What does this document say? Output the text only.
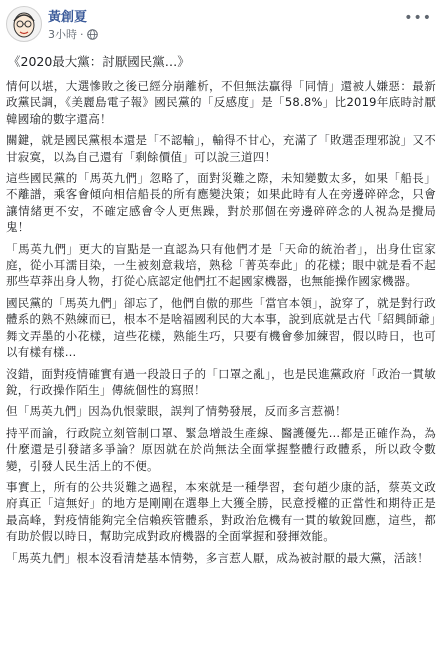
黃創夏
3小時 ·
•••
《2020最大黨：討厭國民黨…》

情何以堪，大選慘敗之後已經分崩離析，不但無法贏得「同情」還被人嫌惡：最新政黨民調，《美麗島電子報》國民黨的「反感度」是「58.8%」比2019年底時討厭韓國瑜的數字還高！

關鍵，就是國民黨根本還是「不認輸」，輸得不甘心，充滿了「敗選歪理邪說」又不甘寂寞，以為自己還有「剩餘價值」可以說三道四！

這些國民黨的「馬英九們」忽略了，面對災難之際，未知變數太多，如果「船長」不離譜，乘客會傾向相信船長的所有應變決策；如果此時有人在旁邊碎碎念，只會讓情緒更不安，不確定感會令人更焦躁，對於那個在旁邊碎碎念的人視為是攪局鬼！

「馬英九們」更大的盲點是一直認為只有他們才是「天命的統治者」，出身仕宦家庭，從小耳濡目染，一生被刻意栽培，熟稔「菁英奉此」的花樣；眼中就是看不起那些草莽出身人物，打從心底認定他們扛不起國家機器，也無能操作國家機器。

國民黨的「馬英九們」卻忘了，他們自傲的那些「當官本領」，說穿了，就是對行政體系的熟不熟練而已，根本不是啥福國利民的大本事，說到底就是古代「紹興師爺」舞文弄墨的小花樣，這些花樣，熟能生巧，只要有機會參加練習，假以時日，也可以有樣有樣…

沒錯，面對疫情確實有過一段設日子的「口罩之亂」，也是民進黨政府「政治一貫敏銳，行政操作陌生」傳統個性的寫照！

但「馬英九們」因為仇恨蒙眼，誤判了情勢發展，反而多言惹禍！

持平而論，行政院立刻管制口罩、緊急增設生產線、醫護優先…都是正確作為，為什麼還是引發諸多爭論？原因就在於尚無法全面掌握整體行政體系，所以政令數變，引發人民生活上的不便。

事實上，所有的公共災難之過程，本來就是一種學習，套句趙少康的話，蔡英文政府真正「這無好」的地方是剛剛在選舉上大獲全勝，民意授權的正當性和期待正是最高峰，對疫情能夠完全信賴疾管體系，對政治危機有一貫的敏銳回應，這些，都有助於假以時日，幫助完成對政府機器的全面掌握和發揮效能。

「馬英九們」根本沒看清楚基本情勢，多言惹人厭，成為被討厭的最大黨，活該！
